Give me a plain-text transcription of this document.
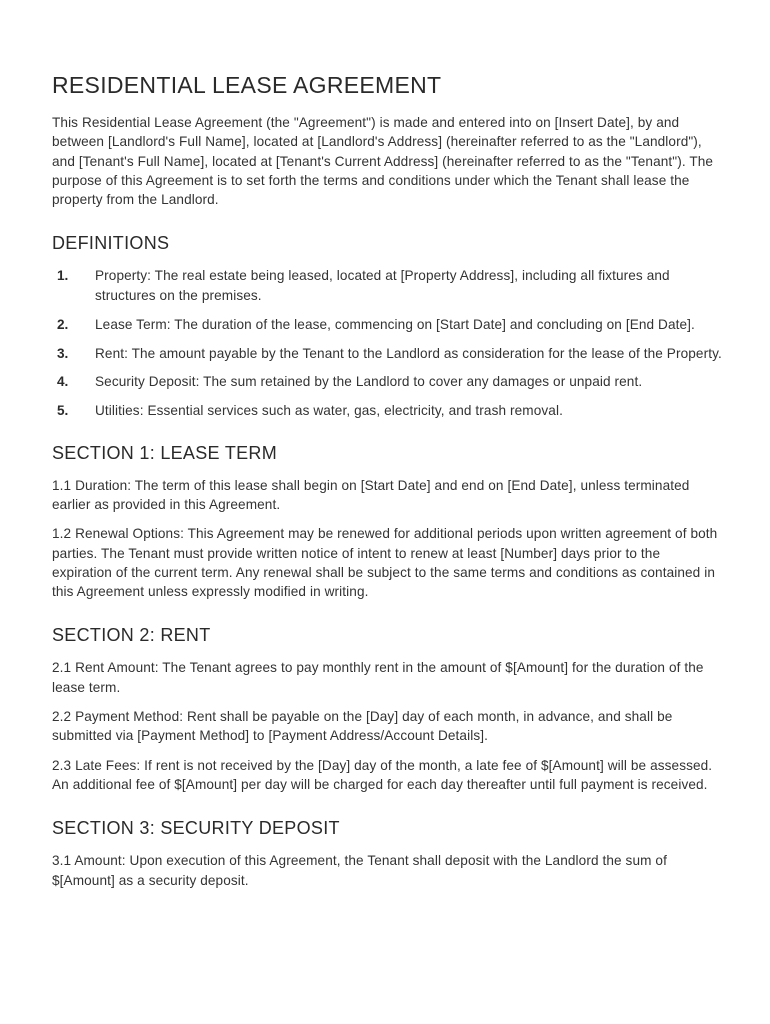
RESIDENTIAL LEASE AGREEMENT

This Residential Lease Agreement (the "Agreement") is made and entered into on [Insert Date], by and between [Landlord's Full Name], located at [Landlord's Address] (hereinafter referred to as the "Landlord"), and [Tenant's Full Name], located at [Tenant's Current Address] (hereinafter referred to as the "Tenant"). The purpose of this Agreement is to set forth the terms and conditions under which the Tenant shall lease the property from the Landlord.

DEFINITIONS
1.	Property: The real estate being leased, located at [Property Address], including all fixtures and structures on the premises.
2.	Lease Term: The duration of the lease, commencing on [Start Date] and concluding on [End Date].
3.	Rent: The amount payable by the Tenant to the Landlord as consideration for the lease of the Property.
4.	Security Deposit: The sum retained by the Landlord to cover any damages or unpaid rent.
5.	Utilities: Essential services such as water, gas, electricity, and trash removal.
SECTION 1: LEASE TERM

1.1 Duration: The term of this lease shall begin on [Start Date] and end on [End Date], unless terminated earlier as provided in this Agreement.

1.2 Renewal Options: This Agreement may be renewed for additional periods upon written agreement of both parties. The Tenant must provide written notice of intent to renew at least [Number] days prior to the expiration of the current term. Any renewal shall be subject to the same terms and conditions as contained in this Agreement unless expressly modified in writing.

SECTION 2: RENT

2.1 Rent Amount: The Tenant agrees to pay monthly rent in the amount of $[Amount] for the duration of the lease term.

2.2 Payment Method: Rent shall be payable on the [Day] day of each month, in advance, and shall be submitted via [Payment Method] to [Payment Address/Account Details].

2.3 Late Fees: If rent is not received by the [Day] day of the month, a late fee of $[Amount] will be assessed. An additional fee of $[Amount] per day will be charged for each day thereafter until full payment is received.

SECTION 3: SECURITY DEPOSIT

3.1 Amount: Upon execution of this Agreement, the Tenant shall deposit with the Landlord the sum of $[Amount] as a security deposit.
